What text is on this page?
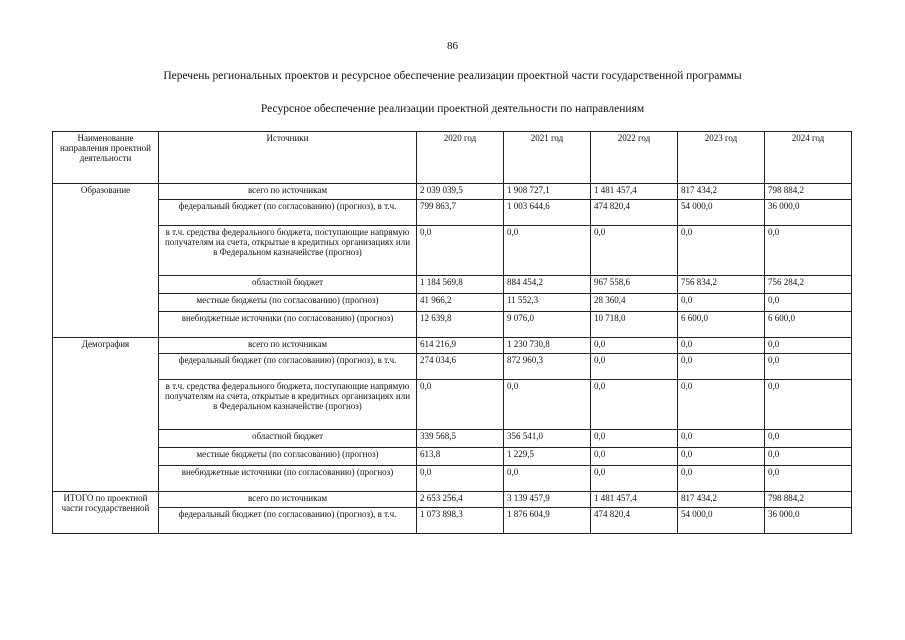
86
Перечень региональных проектов и ресурсное обеспечение реализации проектной части государственной программы
Ресурсное обеспечение реализации проектной деятельности по направлениям
Наименование направления проектной деятельности	Источники	2020 год	2021 год	2022 год	2023 год	2024 год
Образование	всего по источникам	2 039 039,5	1 908 727,1	1 481 457,4	817 434,2	798 884,2
	федеральный бюджет (по согласованию) (прогноз), в т.ч.	799 863,7	1 003 644,6	474 820,4	54 000,0	36 000,0
	в т.ч. средства федерального бюджета, поступающие напрямую получателям на счета, открытые в кредитных организациях или в Федеральном казначействе (прогноз)	0,0	0,0	0,0	0,0	0,0
	областной бюджет	1 184 569,8	884 454,2	967 558,6	756 834,2	756 284,2
	местные бюджеты (по согласованию) (прогноз)	41 966,2	11 552,3	28 360,4	0,0	0,0
	внебюджетные источники (по согласованию) (прогноз)	12 639,8	9 076,0	10 718,0	6 600,0	6 600,0
Демография	всего по источникам	614 216,9	1 230 730,8	0,0	0,0	0,0
	федеральный бюджет (по согласованию) (прогноз), в т.ч.	274 034,6	872 960,3	0,0	0,0	0,0
	в т.ч. средства федерального бюджета, поступающие напрямую получателям на счета, открытые в кредитных организациях или в Федеральном казначействе (прогноз)	0,0	0,0	0,0	0,0	0,0
	областной бюджет	339 568,5	356 541,0	0,0	0,0	0,0
	местные бюджеты (по согласованию) (прогноз)	613,8	1 229,5	0,0	0,0	0,0
	внебюджетные источники (по согласованию) (прогноз)	0,0	0,0	0,0	0,0	0,0
ИТОГО по проектной части государственной	всего по источникам	2 653 256,4	3 139 457,9	1 481 457,4	817 434,2	798 884,2
	федеральный бюджет (по согласованию) (прогноз), в т.ч.	1 073 898,3	1 876 604,9	474 820,4	54 000,0	36 000,0
